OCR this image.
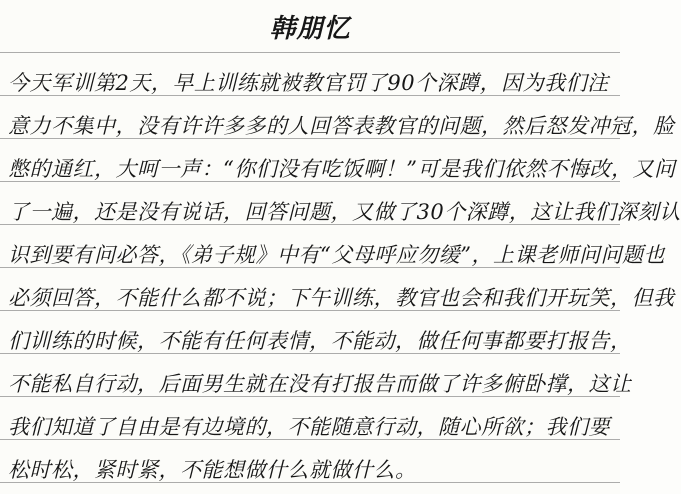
韩朋忆
今天军训第2天，早上训练就被教官罚了90个深蹲，因为我们注
意力不集中，没有许许多多的人回答表教官的问题，然后怒发冲冠，脸
憋的通红，大呵一声：“你们没有吃饭啊！”可是我们依然不悔改，又问
了一遍，还是没有说话，回答问题，又做了30个深蹲，这让我们深刻认
识到要有问必答，《弟子规》中有“父母呼应勿缓”，上课老师问问题也
必须回答，不能什么都不说；下午训练，教官也会和我们开玩笑，但我
们训练的时候，不能有任何表情，不能动，做任何事都要打报告，
不能私自行动，后面男生就在没有打报告而做了许多俯卧撑，这让
我们知道了自由是有边境的，不能随意行动，随心所欲；我们要
松时松，紧时紧，不能想做什么就做什么。
